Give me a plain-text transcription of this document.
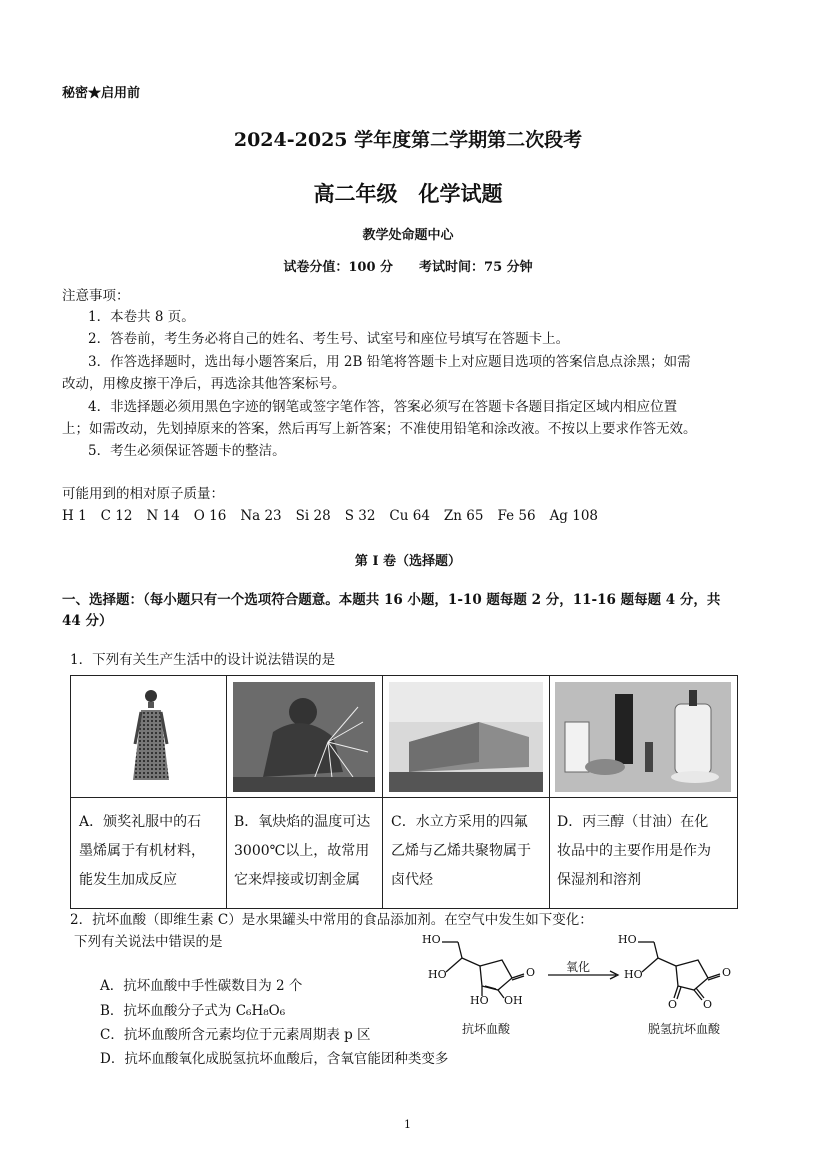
秘密★启用前
2024-2025 学年度第二学期第二次段考
高二年级　化学试题
教学处命题中心
试卷分值：100 分　　考试时间：75 分钟
注意事项：
1．本卷共 8 页。
2．答卷前，考生务必将自己的姓名、考生号、试室号和座位号填写在答题卡上。
3．作答选择题时，选出每小题答案后，用 2B 铅笔将答题卡上对应题目选项的答案信息点涂黑；如需
改动，用橡皮擦干净后，再选涂其他答案标号。
4．非选择题必须用黑色字迹的钢笔或签字笔作答，答案必须写在答题卡各题目指定区域内相应位置
上；如需改动，先划掉原来的答案，然后再写上新答案；不准使用铅笔和涂改液。不按以上要求作答无效。
5．考生必须保证答题卡的整洁。
可能用到的相对原子质量：
H 1 C 12 N 14 O 16 Na 23 Si 28 S 32 Cu 64 Zn 65 Fe 56 Ag 108
第 I 卷（选择题）
一、选择题：（每小题只有一个选项符合题意。本题共 16 小题，1-10 题每题 2 分，11-16 题每题 4 分，共
44 分）
1．下列有关生产生活中的设计说法错误的是
A．颁奖礼服中的石
墨烯属于有机材料，
能发生加成反应
B．氧炔焰的温度可达
3000℃以上，故常用
它来焊接或切割金属
C．水立方采用的四氟
乙烯与乙烯共聚物属于
卤代烃
D．丙三醇（甘油）在化
妆品中的主要作用是作为
保湿剂和溶剂
2．抗坏血酸（即维生素 C）是水果罐头中常用的食品添加剂。在空气中发生如下变化：
下列有关说法中错误的是
A．抗坏血酸中手性碳数目为 2 个
B．抗坏血酸分子式为 C₆H₈O₆
C．抗坏血酸所含元素均位于元素周期表 p 区
D．抗坏血酸氧化成脱氢抗坏血酸后，含氧官能团种类变多
HO
HO	O
HO OH
HO
HO	O
O O
氧化
抗坏血酸	脱氢抗坏血酸
1
